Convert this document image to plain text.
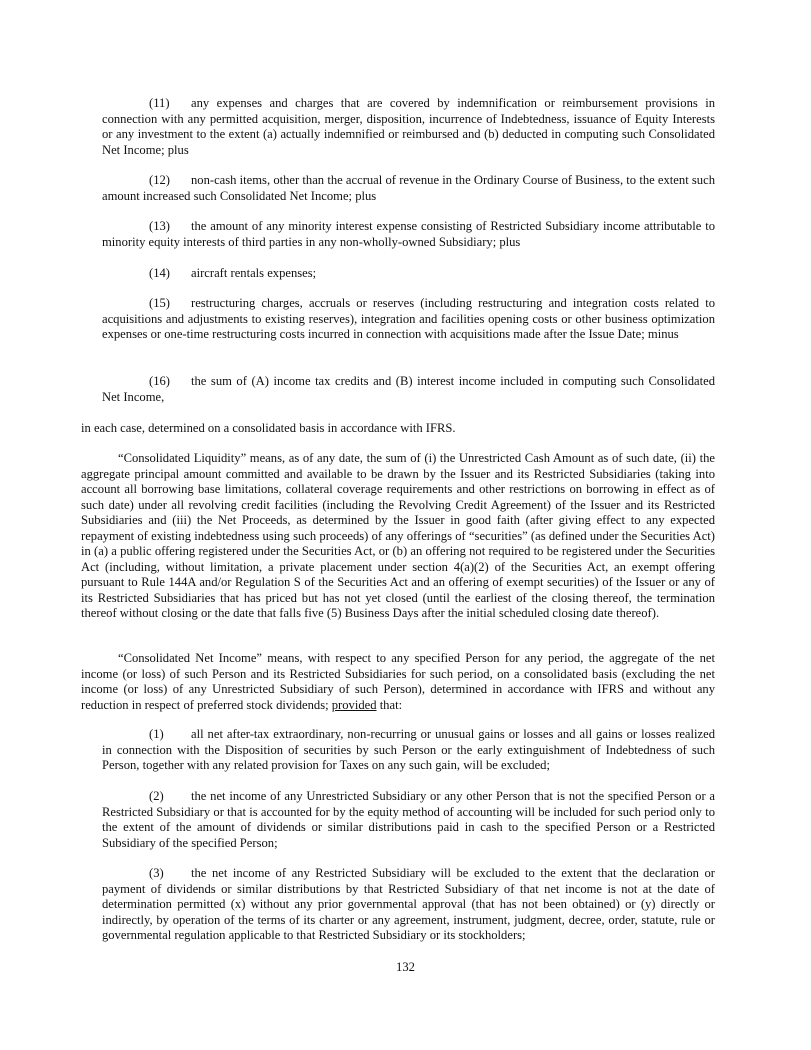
(11) any expenses and charges that are covered by indemnification or reimbursement provisions in connection with any permitted acquisition, merger, disposition, incurrence of Indebtedness, issuance of Equity Interests or any investment to the extent (a) actually indemnified or reimbursed and (b) deducted in computing such Consolidated Net Income; plus

(12) non-cash items, other than the accrual of revenue in the Ordinary Course of Business, to the extent such amount increased such Consolidated Net Income; plus

(13) the amount of any minority interest expense consisting of Restricted Subsidiary income attributable to minority equity interests of third parties in any non-wholly-owned Subsidiary; plus

(14) aircraft rentals expenses;

(15) restructuring charges, accruals or reserves (including restructuring and integration costs related to acquisitions and adjustments to existing reserves), integration and facilities opening costs or other business optimization expenses or one-time restructuring costs incurred in connection with acquisitions made after the Issue Date; minus

(16) the sum of (A) income tax credits and (B) interest income included in computing such Consolidated Net Income,

in each case, determined on a consolidated basis in accordance with IFRS.

“Consolidated Liquidity” means, as of any date, the sum of (i) the Unrestricted Cash Amount as of such date, (ii) the aggregate principal amount committed and available to be drawn by the Issuer and its Restricted Subsidiaries (taking into account all borrowing base limitations, collateral coverage requirements and other restrictions on borrowing in effect as of such date) under all revolving credit facilities (including the Revolving Credit Agreement) of the Issuer and its Restricted Subsidiaries and (iii) the Net Proceeds, as determined by the Issuer in good faith (after giving effect to any expected repayment of existing indebtedness using such proceeds) of any offerings of “securities” (as defined under the Securities Act) in (a) a public offering registered under the Securities Act, or (b) an offering not required to be registered under the Securities Act (including, without limitation, a private placement under section 4(a)(2) of the Securities Act, an exempt offering pursuant to Rule 144A and/or Regulation S of the Securities Act and an offering of exempt securities) of the Issuer or any of its Restricted Subsidiaries that has priced but has not yet closed (until the earliest of the closing thereof, the termination thereof without closing or the date that falls five (5) Business Days after the initial scheduled closing date thereof).

“Consolidated Net Income” means, with respect to any specified Person for any period, the aggregate of the net income (or loss) of such Person and its Restricted Subsidiaries for such period, on a consolidated basis (excluding the net income (or loss) of any Unrestricted Subsidiary of such Person), determined in accordance with IFRS and without any reduction in respect of preferred stock dividends; provided that:

(1) all net after-tax extraordinary, non-recurring or unusual gains or losses and all gains or losses realized in connection with the Disposition of securities by such Person or the early extinguishment of Indebtedness of such Person, together with any related provision for Taxes on any such gain, will be excluded;

(2) the net income of any Unrestricted Subsidiary or any other Person that is not the specified Person or a Restricted Subsidiary or that is accounted for by the equity method of accounting will be included for such period only to the extent of the amount of dividends or similar distributions paid in cash to the specified Person or a Restricted Subsidiary of the specified Person;

(3) the net income of any Restricted Subsidiary will be excluded to the extent that the declaration or payment of dividends or similar distributions by that Restricted Subsidiary of that net income is not at the date of determination permitted (x) without any prior governmental approval (that has not been obtained) or (y) directly or indirectly, by operation of the terms of its charter or any agreement, instrument, judgment, decree, order, statute, rule or governmental regulation applicable to that Restricted Subsidiary or its stockholders;

132
